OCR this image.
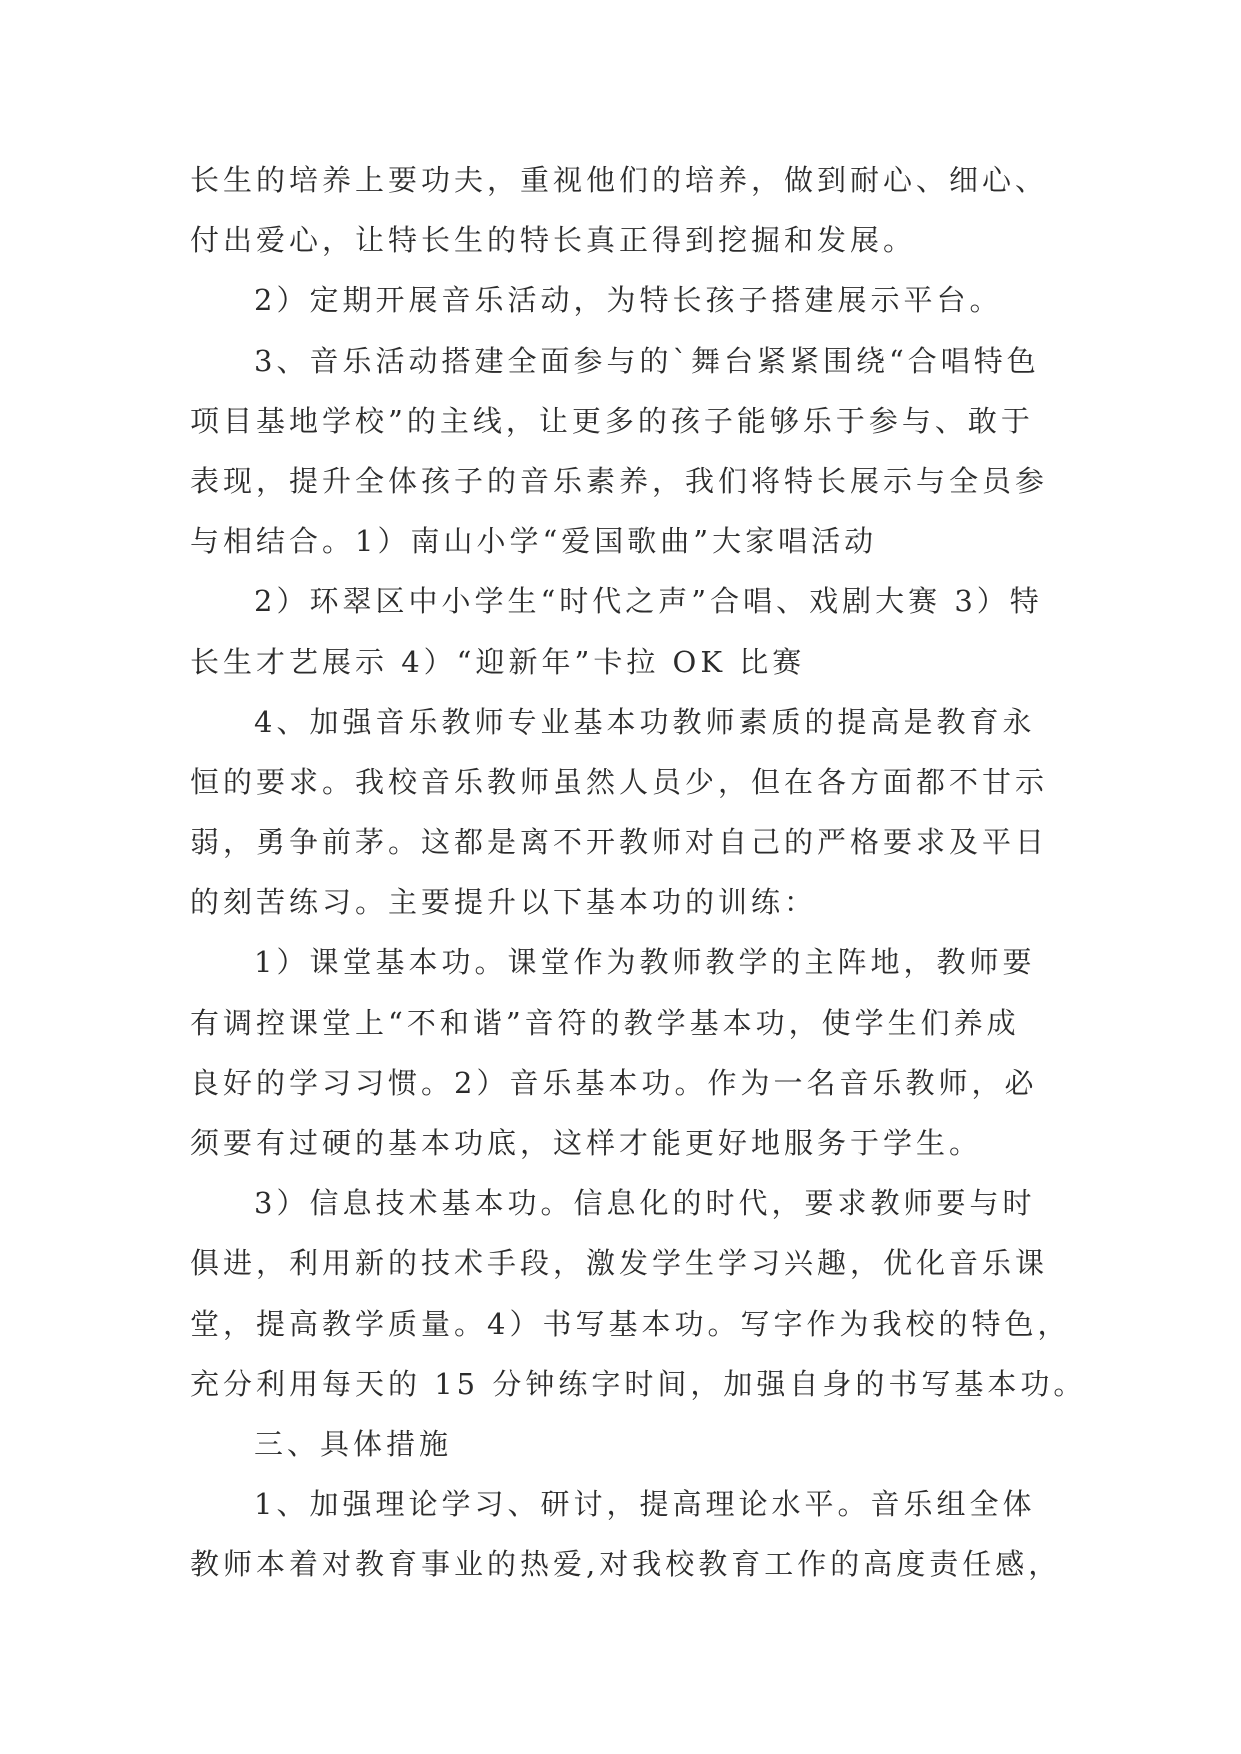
长生的培养上要功夫，重视他们的培养，做到耐心、细心、
付出爱心，让特长生的特长真正得到挖掘和发展。
2）定期开展音乐活动，为特长孩子搭建展示平台。
3、音乐活动搭建全面参与的`舞台紧紧围绕“合唱特色
项目基地学校”的主线，让更多的孩子能够乐于参与、敢于
表现，提升全体孩子的音乐素养，我们将特长展示与全员参
与相结合。1）南山小学“爱国歌曲”大家唱活动
2）环翠区中小学生“时代之声”合唱、戏剧大赛 3）特
长生才艺展示 4）“迎新年”卡拉 OK 比赛
4、加强音乐教师专业基本功教师素质的提高是教育永
恒的要求。我校音乐教师虽然人员少，但在各方面都不甘示
弱，勇争前茅。这都是离不开教师对自己的严格要求及平日
的刻苦练习。主要提升以下基本功的训练：
1）课堂基本功。课堂作为教师教学的主阵地，教师要
有调控课堂上“不和谐”音符的教学基本功，使学生们养成
良好的学习习惯。2）音乐基本功。作为一名音乐教师，必
须要有过硬的基本功底，这样才能更好地服务于学生。
3）信息技术基本功。信息化的时代，要求教师要与时
俱进，利用新的技术手段，激发学生学习兴趣，优化音乐课
堂，提高教学质量。4）书写基本功。写字作为我校的特色，
充分利用每天的 15 分钟练字时间，加强自身的书写基本功。
三、具体措施
1、加强理论学习、研讨，提高理论水平。音乐组全体
教师本着对教育事业的热爱,对我校教育工作的高度责任感，
